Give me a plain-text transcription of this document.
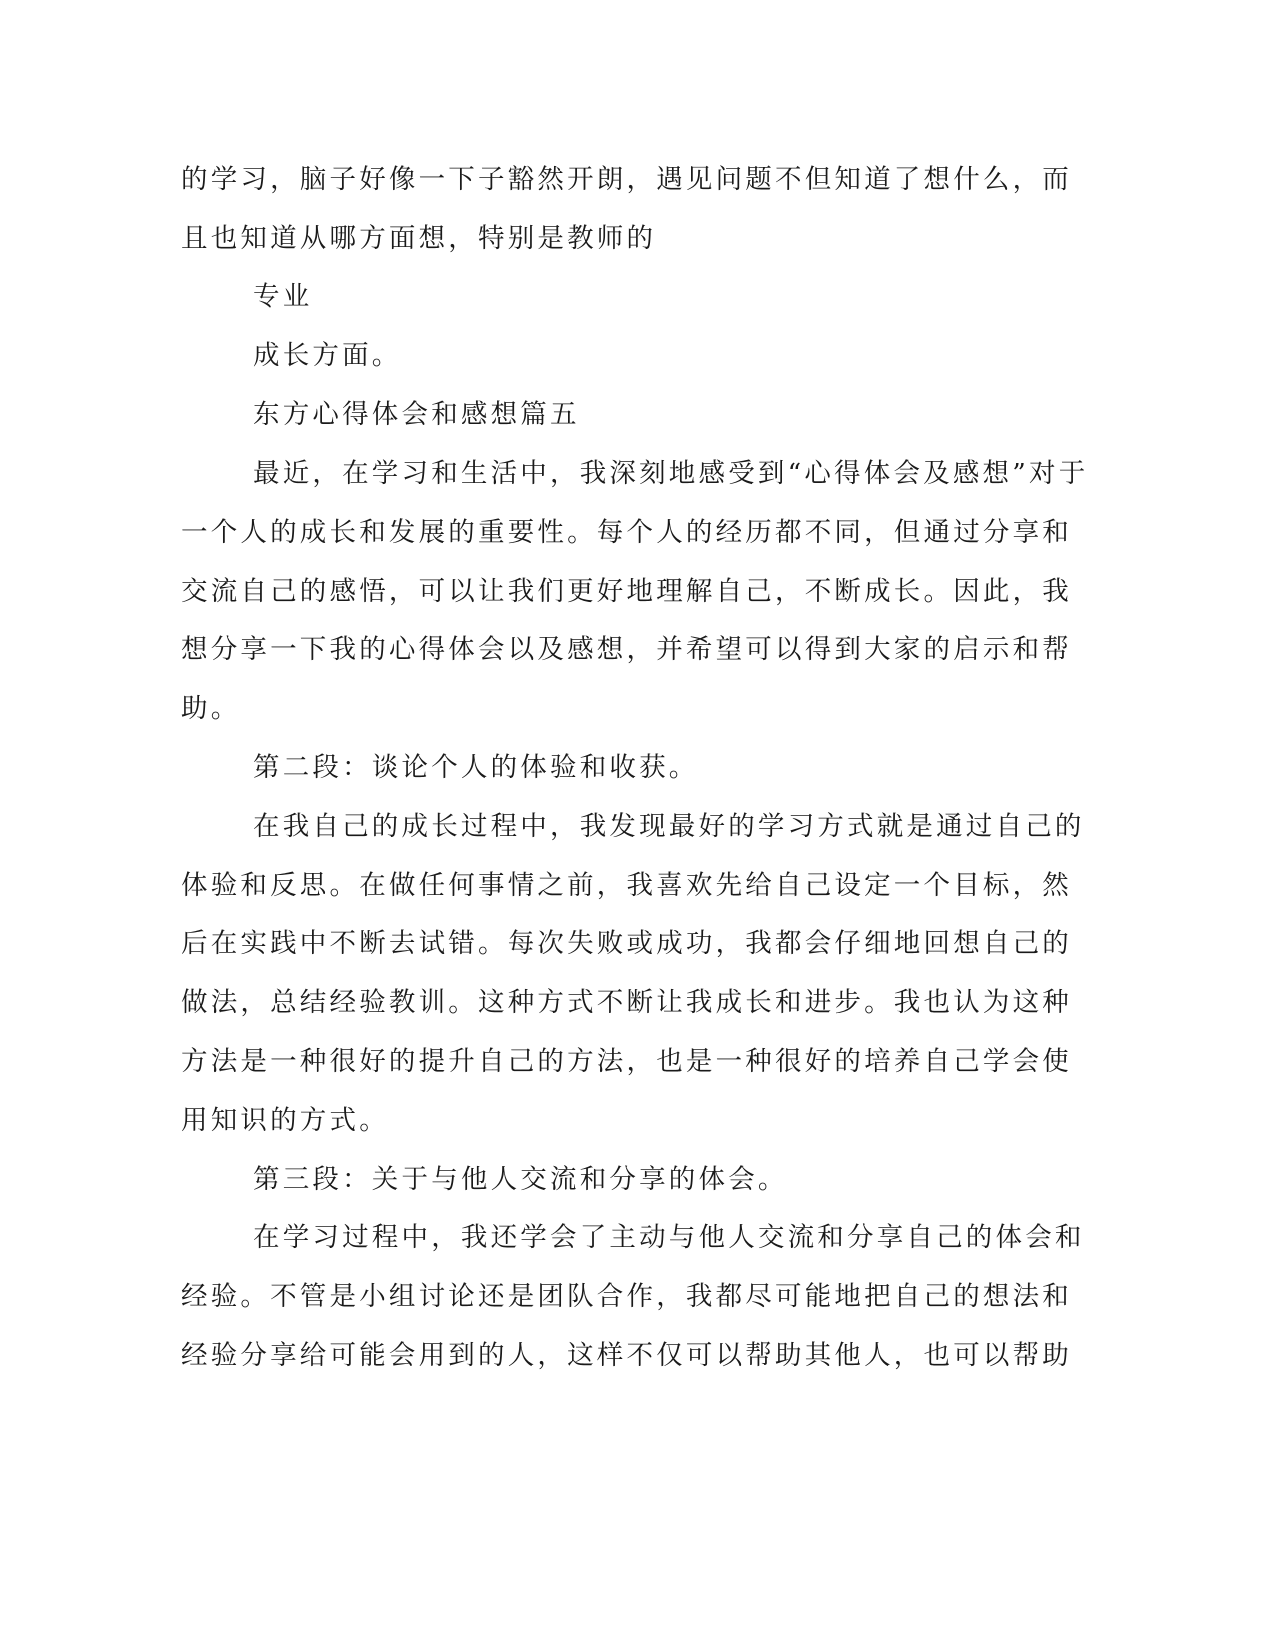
的学习，脑子好像一下子豁然开朗，遇见问题不但知道了想什么，而
且也知道从哪方面想，特别是教师的
专业
成长方面。
东方心得体会和感想篇五
最近，在学习和生活中，我深刻地感受到“心得体会及感想”对于
一个人的成长和发展的重要性。每个人的经历都不同，但通过分享和
交流自己的感悟，可以让我们更好地理解自己，不断成长。因此，我
想分享一下我的心得体会以及感想，并希望可以得到大家的启示和帮
助。
第二段：谈论个人的体验和收获。
在我自己的成长过程中，我发现最好的学习方式就是通过自己的
体验和反思。在做任何事情之前，我喜欢先给自己设定一个目标，然
后在实践中不断去试错。每次失败或成功，我都会仔细地回想自己的
做法，总结经验教训。这种方式不断让我成长和进步。我也认为这种
方法是一种很好的提升自己的方法，也是一种很好的培养自己学会使
用知识的方式。
第三段：关于与他人交流和分享的体会。
在学习过程中，我还学会了主动与他人交流和分享自己的体会和
经验。不管是小组讨论还是团队合作，我都尽可能地把自己的想法和
经验分享给可能会用到的人，这样不仅可以帮助其他人，也可以帮助
